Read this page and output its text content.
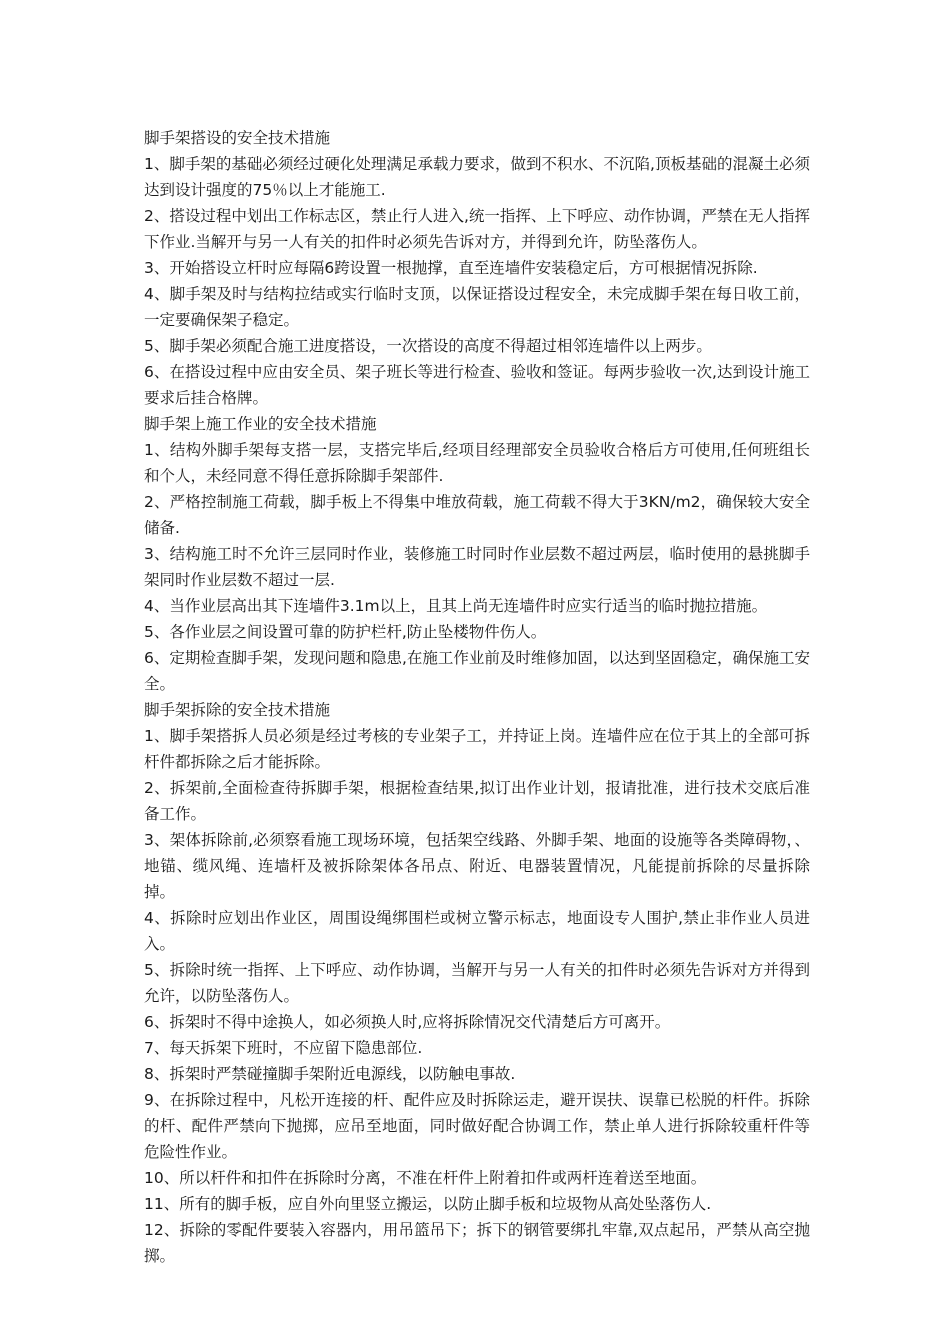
脚手架搭设的安全技术措施

1、脚手架的基础必须经过硬化处理满足承载力要求，做到不积水、不沉陷,顶板基础的混凝土必须达到设计强度的75％以上才能施工.

2、搭设过程中划出工作标志区，禁止行人进入,统一指挥、上下呼应、动作协调，严禁在无人指挥下作业.当解开与另一人有关的扣件时必须先告诉对方，并得到允许，防坠落伤人。

3、开始搭设立杆时应每隔6跨设置一根抛撑，直至连墙件安装稳定后，方可根据情况拆除.

4、脚手架及时与结构拉结或实行临时支顶，以保证搭设过程安全，未完成脚手架在每日收工前，一定要确保架子稳定。

5、脚手架必须配合施工进度搭设，一次搭设的高度不得超过相邻连墙件以上两步。

6、在搭设过程中应由安全员、架子班长等进行检查、验收和签证。每两步验收一次,达到设计施工要求后挂合格牌。

脚手架上施工作业的安全技术措施

1、结构外脚手架每支搭一层，支搭完毕后,经项目经理部安全员验收合格后方可使用,任何班组长和个人，未经同意不得任意拆除脚手架部件.

2、严格控制施工荷载，脚手板上不得集中堆放荷载，施工荷载不得大于3KN/m2，确保较大安全储备.

3、结构施工时不允许三层同时作业，装修施工时同时作业层数不超过两层，临时使用的悬挑脚手架同时作业层数不超过一层.

4、当作业层高出其下连墙件3.1m以上，且其上尚无连墙件时应实行适当的临时抛拉措施。

5、各作业层之间设置可靠的防护栏杆,防止坠楼物件伤人。

6、定期检查脚手架，发现问题和隐患,在施工作业前及时维修加固，以达到坚固稳定，确保施工安全。

脚手架拆除的安全技术措施

1、脚手架搭拆人员必须是经过考核的专业架子工，并持证上岗。连墙件应在位于其上的全部可拆杆件都拆除之后才能拆除。

2、拆架前,全面检查待拆脚手架，根据检查结果,拟订出作业计划，报请批准，进行技术交底后准备工作。

3、架体拆除前,必须察看施工现场环境，包括架空线路、外脚手架、地面的设施等各类障碍物，、地锚、缆风绳、连墙杆及被拆除架体各吊点、附近、电器装置情况，凡能提前拆除的尽量拆除掉。

4、拆除时应划出作业区，周围设绳绑围栏或树立警示标志，地面设专人围护,禁止非作业人员进入。

5、拆除时统一指挥、上下呼应、动作协调，当解开与另一人有关的扣件时必须先告诉对方并得到允许，以防坠落伤人。

6、拆架时不得中途换人，如必须换人时,应将拆除情况交代清楚后方可离开。

7、每天拆架下班时，不应留下隐患部位.

8、拆架时严禁碰撞脚手架附近电源线，以防触电事故.

9、在拆除过程中，凡松开连接的杆、配件应及时拆除运走，避开误扶、误靠已松脱的杆件。拆除的杆、配件严禁向下抛掷，应吊至地面，同时做好配合协调工作，禁止单人进行拆除较重杆件等危险性作业。

10、所以杆件和扣件在拆除时分离，不准在杆件上附着扣件或两杆连着送至地面。

11、所有的脚手板，应自外向里竖立搬运，以防止脚手板和垃圾物从高处坠落伤人.

12、拆除的零配件要装入容器内，用吊篮吊下；拆下的钢管要绑扎牢靠,双点起吊，严禁从高空抛掷。
